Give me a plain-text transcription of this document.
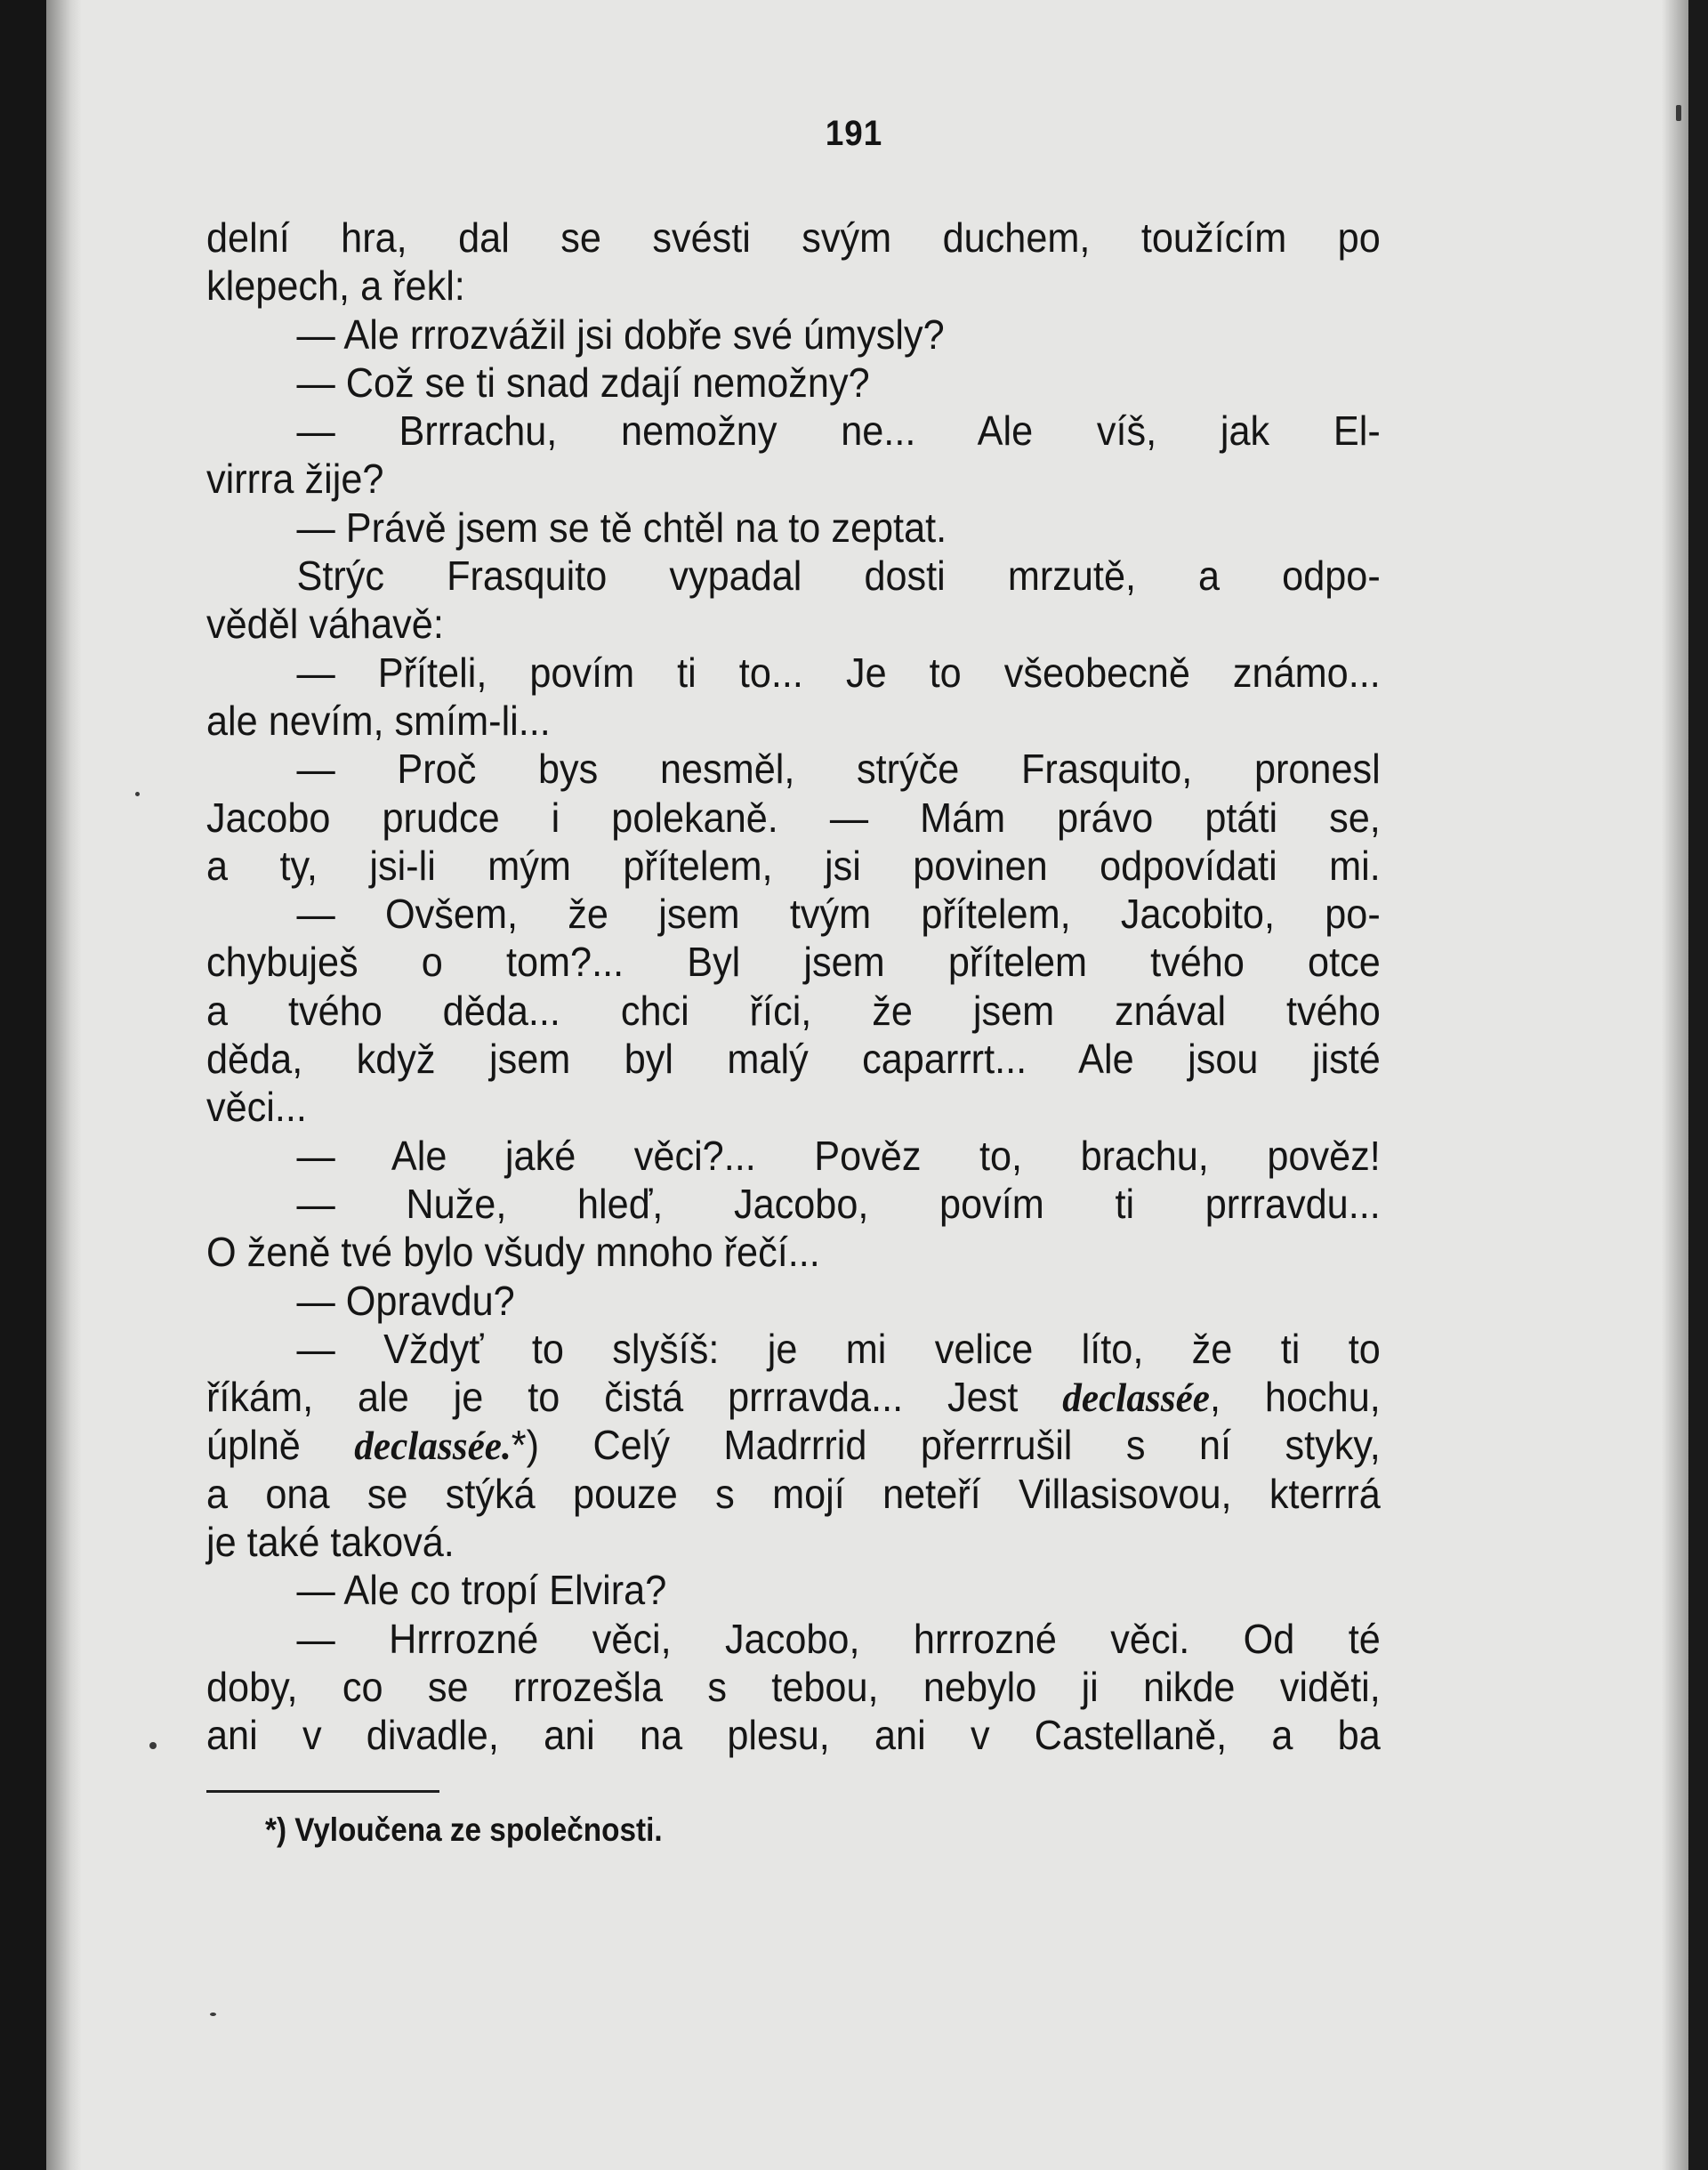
191
delní hra, dal se svésti svým duchem, toužícím po
klepech, a řekl:
— Ale rrrozvážil jsi dobře své úmysly?
— Což se ti snad zdají nemožny?
— Brrrachu, nemožny ne... Ale víš, jak El-
virrra žije?
— Právě jsem se tě chtěl na to zeptat.
Strýc Frasquito vypadal dosti mrzutě, a odpo-
věděl váhavě:
— Příteli, povím ti to... Je to všeobecně známo...
ale nevím, smím-li...
— Proč bys nesměl, strýče Frasquito, pronesl
Jacobo prudce i polekaně. — Mám právo ptáti se,
a ty, jsi-li mým přítelem, jsi povinen odpovídati mi.
— Ovšem, že jsem tvým přítelem, Jacobito, po-
chybuješ o tom?... Byl jsem přítelem tvého otce
a tvého děda... chci říci, že jsem znával tvého
děda, když jsem byl malý caparrrt... Ale jsou jisté
věci...
— Ale jaké věci?... Pověz to, brachu, pověz!
— Nuže, hleď, Jacobo, povím ti prrravdu...
O ženě tvé bylo všudy mnoho řečí...
— Opravdu?
— Vždyť to slyšíš: je mi velice líto, že ti to
říkám, ale je to čistá prrravda... Jest declassée, hochu,
úplně declassée.*) Celý Madrrrid přerrrušil s ní styky,
a ona se stýká pouze s mojí neteří Villasisovou, kterrrá
je také taková.
— Ale co tropí Elvira?
— Hrrrozné věci, Jacobo, hrrrozné věci. Od té
doby, co se rrrozešla s tebou, nebylo ji nikde viděti,
ani v divadle, ani na plesu, ani v Castellaně, a ba
*) Vyloučena ze společnosti.
